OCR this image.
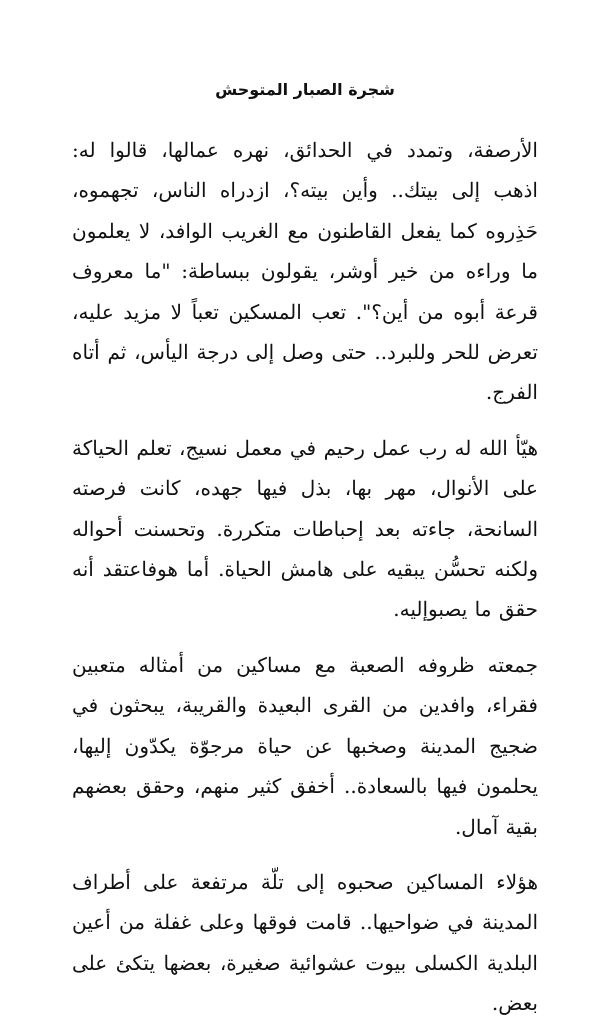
شجرة الصبار المتوحش

الأرصفة، وتمدد في الحدائق، نهره عمالها، قالوا له: اذهب إلى بيتك.. وأين بيته؟، ازدراه الناس، تجهموه، حَذِروه كما يفعل القاطنون مع الغريب الوافد، لا يعلمون ما وراءه من خير أوشر، يقولون ببساطة: "ما معروف قرعة أبوه من أين؟". تعب المسكين تعباً لا مزيد عليه، تعرض للحر وللبرد.. حتى وصل إلى درجة اليأس، ثم أتاه الفرج.

هيّأ الله له رب عمل رحيم في معمل نسيج، تعلم الحياكة على الأنوال، مهر بها، بذل فيها جهده، كانت فرصته السانحة، جاءته بعد إحباطات متكررة. وتحسنت أحواله ولكنه تحسُّن يبقيه على هامش الحياة. أما هوفاعتقد أنه حقق ما يصبوإليه.

جمعته ظروفه الصعبة مع مساكين من أمثاله متعبين فقراء، وافدين من القرى البعيدة والقريبة، يبحثون في ضجيج المدينة وصخبها عن حياة مرجوّة يكدّون إليها، يحلمون فيها بالسعادة.. أخفق كثير منهم، وحقق بعضهم بقية آمال.

هؤلاء المساكين صحبوه إلى تلّة مرتفعة على أطراف المدينة في ضواحيها.. قامت فوقها وعلى غفلة من أعين البلدية الكسلى بيوت عشوائية صغيرة، بعضها يتكئ على بعض.
